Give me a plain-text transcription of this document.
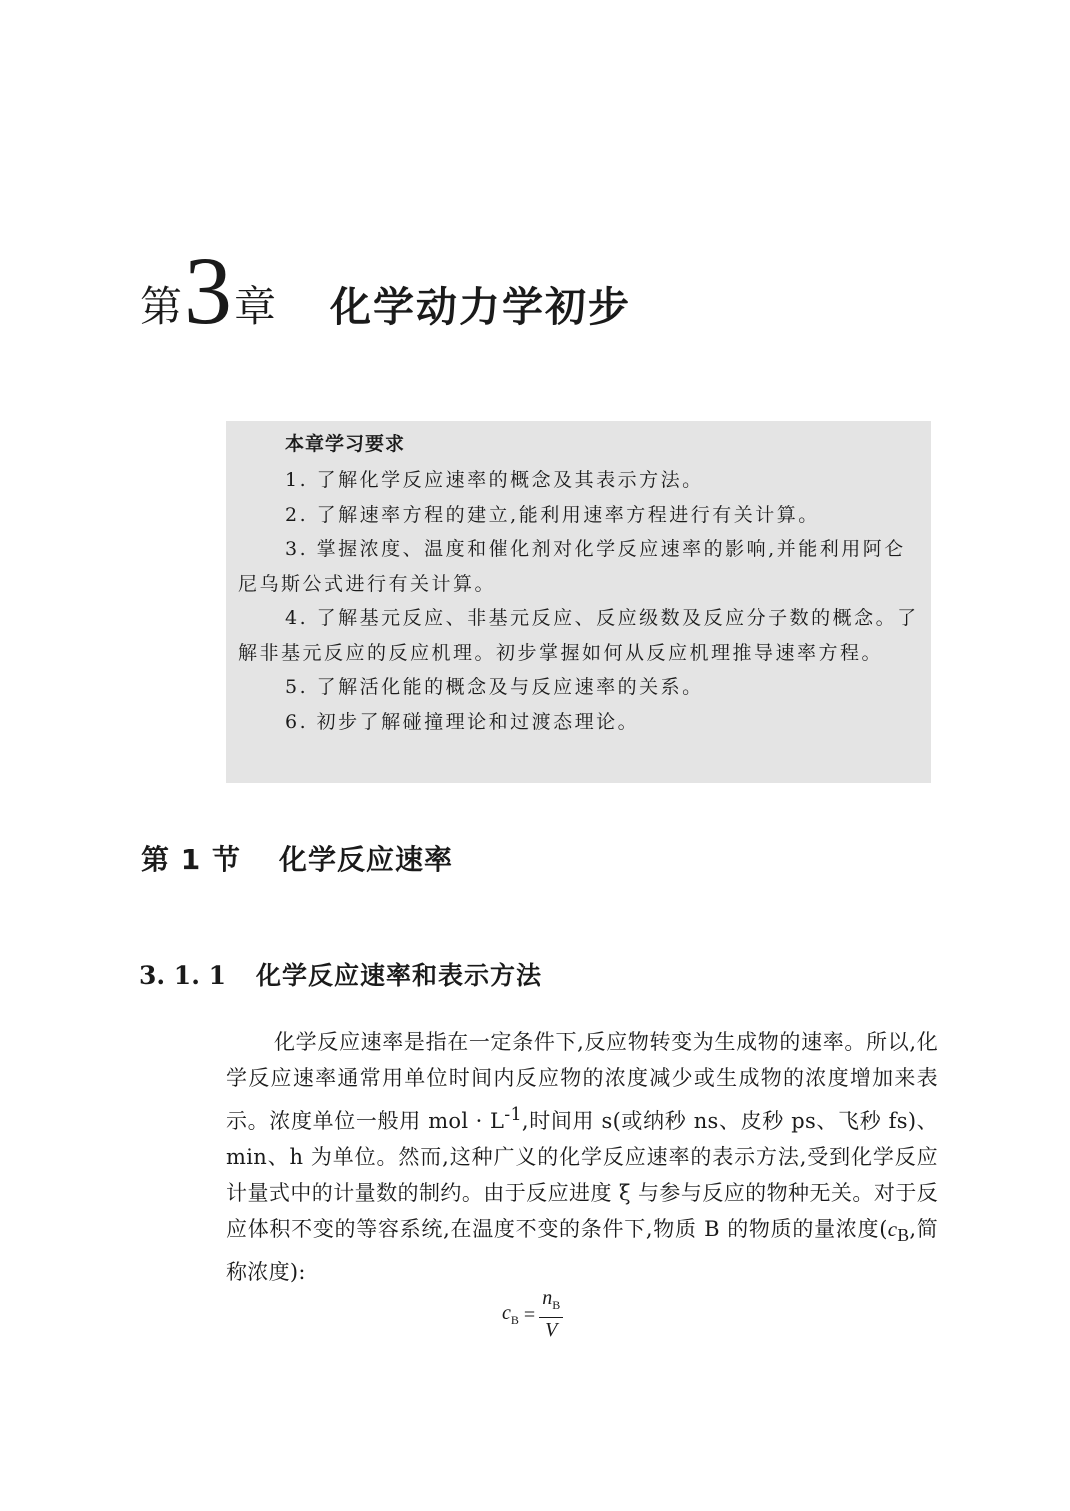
第 3 章 化学动力学初步

本章学习要求

1. 了解化学反应速率的概念及其表示方法。

2. 了解速率方程的建立,能利用速率方程进行有关计算。

3. 掌握浓度、温度和催化剂对化学反应速率的影响,并能利用阿仑尼乌斯公式进行有关计算。

4. 了解基元反应、非基元反应、反应级数及反应分子数的概念。了解非基元反应的反应机理。初步掌握如何从反应机理推导速率方程。

5. 了解活化能的概念及与反应速率的关系。

6. 初步了解碰撞理论和过渡态理论。

第 1 节 化学反应速率
3. 1. 1 化学反应速率和表示方法

化学反应速率是指在一定条件下,反应物转变为生成物的速率。所以,化学反应速率通常用单位时间内反应物的浓度减少或生成物的浓度增加来表示。浓度单位一般用 mol · $L^{-1}$,时间用 s(或纳秒 ns、皮秒 ps、飞秒 fs)、min、h 为单位。然而,这种广义的化学反应速率的表示方法,受到化学反应计量式中的计量数的制约。由于反应进度 ξ 与参与反应的物种无关。对于反应体积不变的等容系统,在温度不变的条件下,物质 B 的物质的量浓度($c_B$,简称浓度):

$c_B = \frac{n_B}{V}$
